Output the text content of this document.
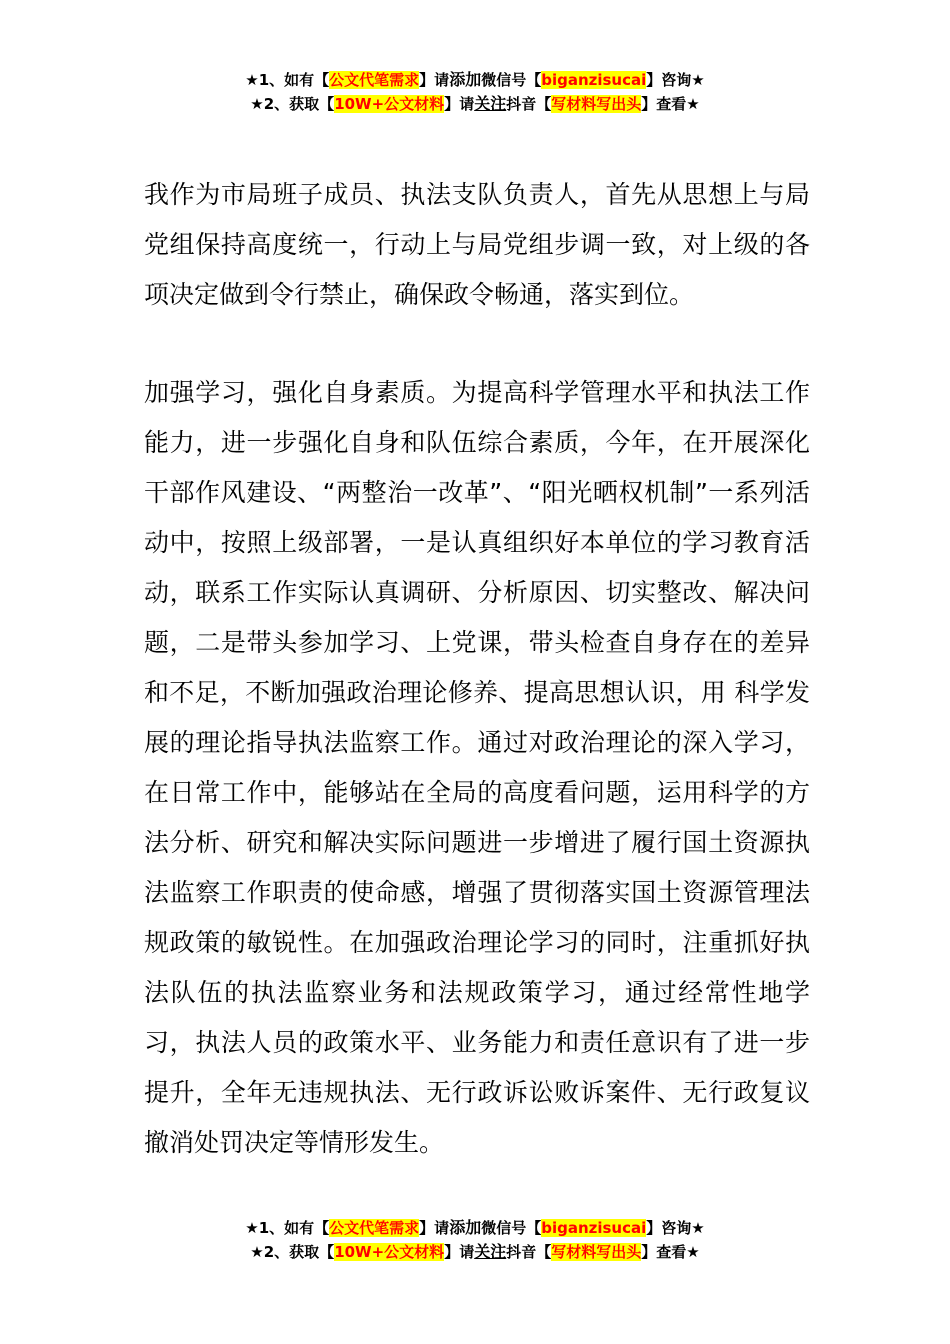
★1、如有【公文代笔需求】请添加微信号【biganzisucai】咨询★
★2、获取【10W+公文材料】请关注抖音【写材料写出头】查看★

我作为市局班子成员、执法支队负责人，首先从思想上与局党组保持高度统一，行动上与局党组步调一致，对上级的各项决定做到令行禁止，确保政令畅通，落实到位。

加强学习，强化自身素质。为提高科学管理水平和执法工作能力，进一步强化自身和队伍综合素质，今年，在开展深化干部作风建设、“两整治一改革”、“阳光晒权机制”一系列活动中，按照上级部署，一是认真组织好本单位的学习教育活动，联系工作实际认真调研、分析原因、切实整改、解决问题，二是带头参加学习、上党课，带头检查自身存在的差异和不足，不断加强政治理论修养、提高思想认识，用 科学发展的理论指导执法监察工作。通过对政治理论的深入学习，在日常工作中，能够站在全局的高度看问题，运用科学的方法分析、研究和解决实际问题进一步增进了履行国土资源执法监察工作职责的使命感，增强了贯彻落实国土资源管理法规政策的敏锐性。在加强政治理论学习的同时，注重抓好执法队伍的执法监察业务和法规政策学习，通过经常性地学习，执法人员的政策水平、业务能力和责任意识有了进一步提升，全年无违规执法、无行政诉讼败诉案件、无行政复议撤消处罚决定等情形发生。

★1、如有【公文代笔需求】请添加微信号【biganzisucai】咨询★
★2、获取【10W+公文材料】请关注抖音【写材料写出头】查看★
